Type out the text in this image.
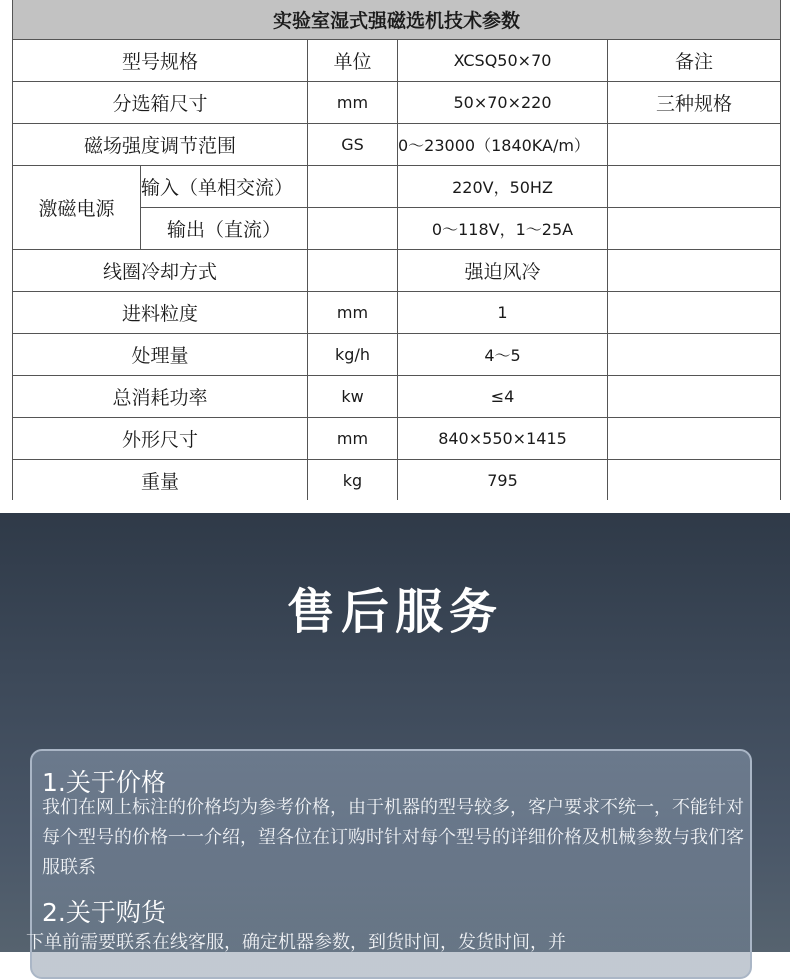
实验室湿式强磁选机技术参数				
型号规格		单位	XCSQ50×70	备注
分选箱尺寸		mm	50×70×220	三种规格
磁场强度调节范围		GS	0～23000（1840KA/m）	
激磁电源	输入（单相交流）		220V，50HZ	
	输出（直流）		0～118V，1～25A	
线圈冷却方式			强迫风冷	
进料粒度		mm	1	
处理量		kg/h	4～5	
总消耗功率		kw	≤4	
外形尺寸		mm	840×550×1415	
重量		kg	795	
售后服务
1.关于价格
我们在网上标注的价格均为参考价格，由于机器的型号较多，客户要求不统一，不能针对每个型号的价格一一介绍，望各位在订购时针对每个型号的详细价格及机械参数与我们客服联系
2.关于购货
下单前需要联系在线客服，确定机器参数，到货时间，发货时间，并
